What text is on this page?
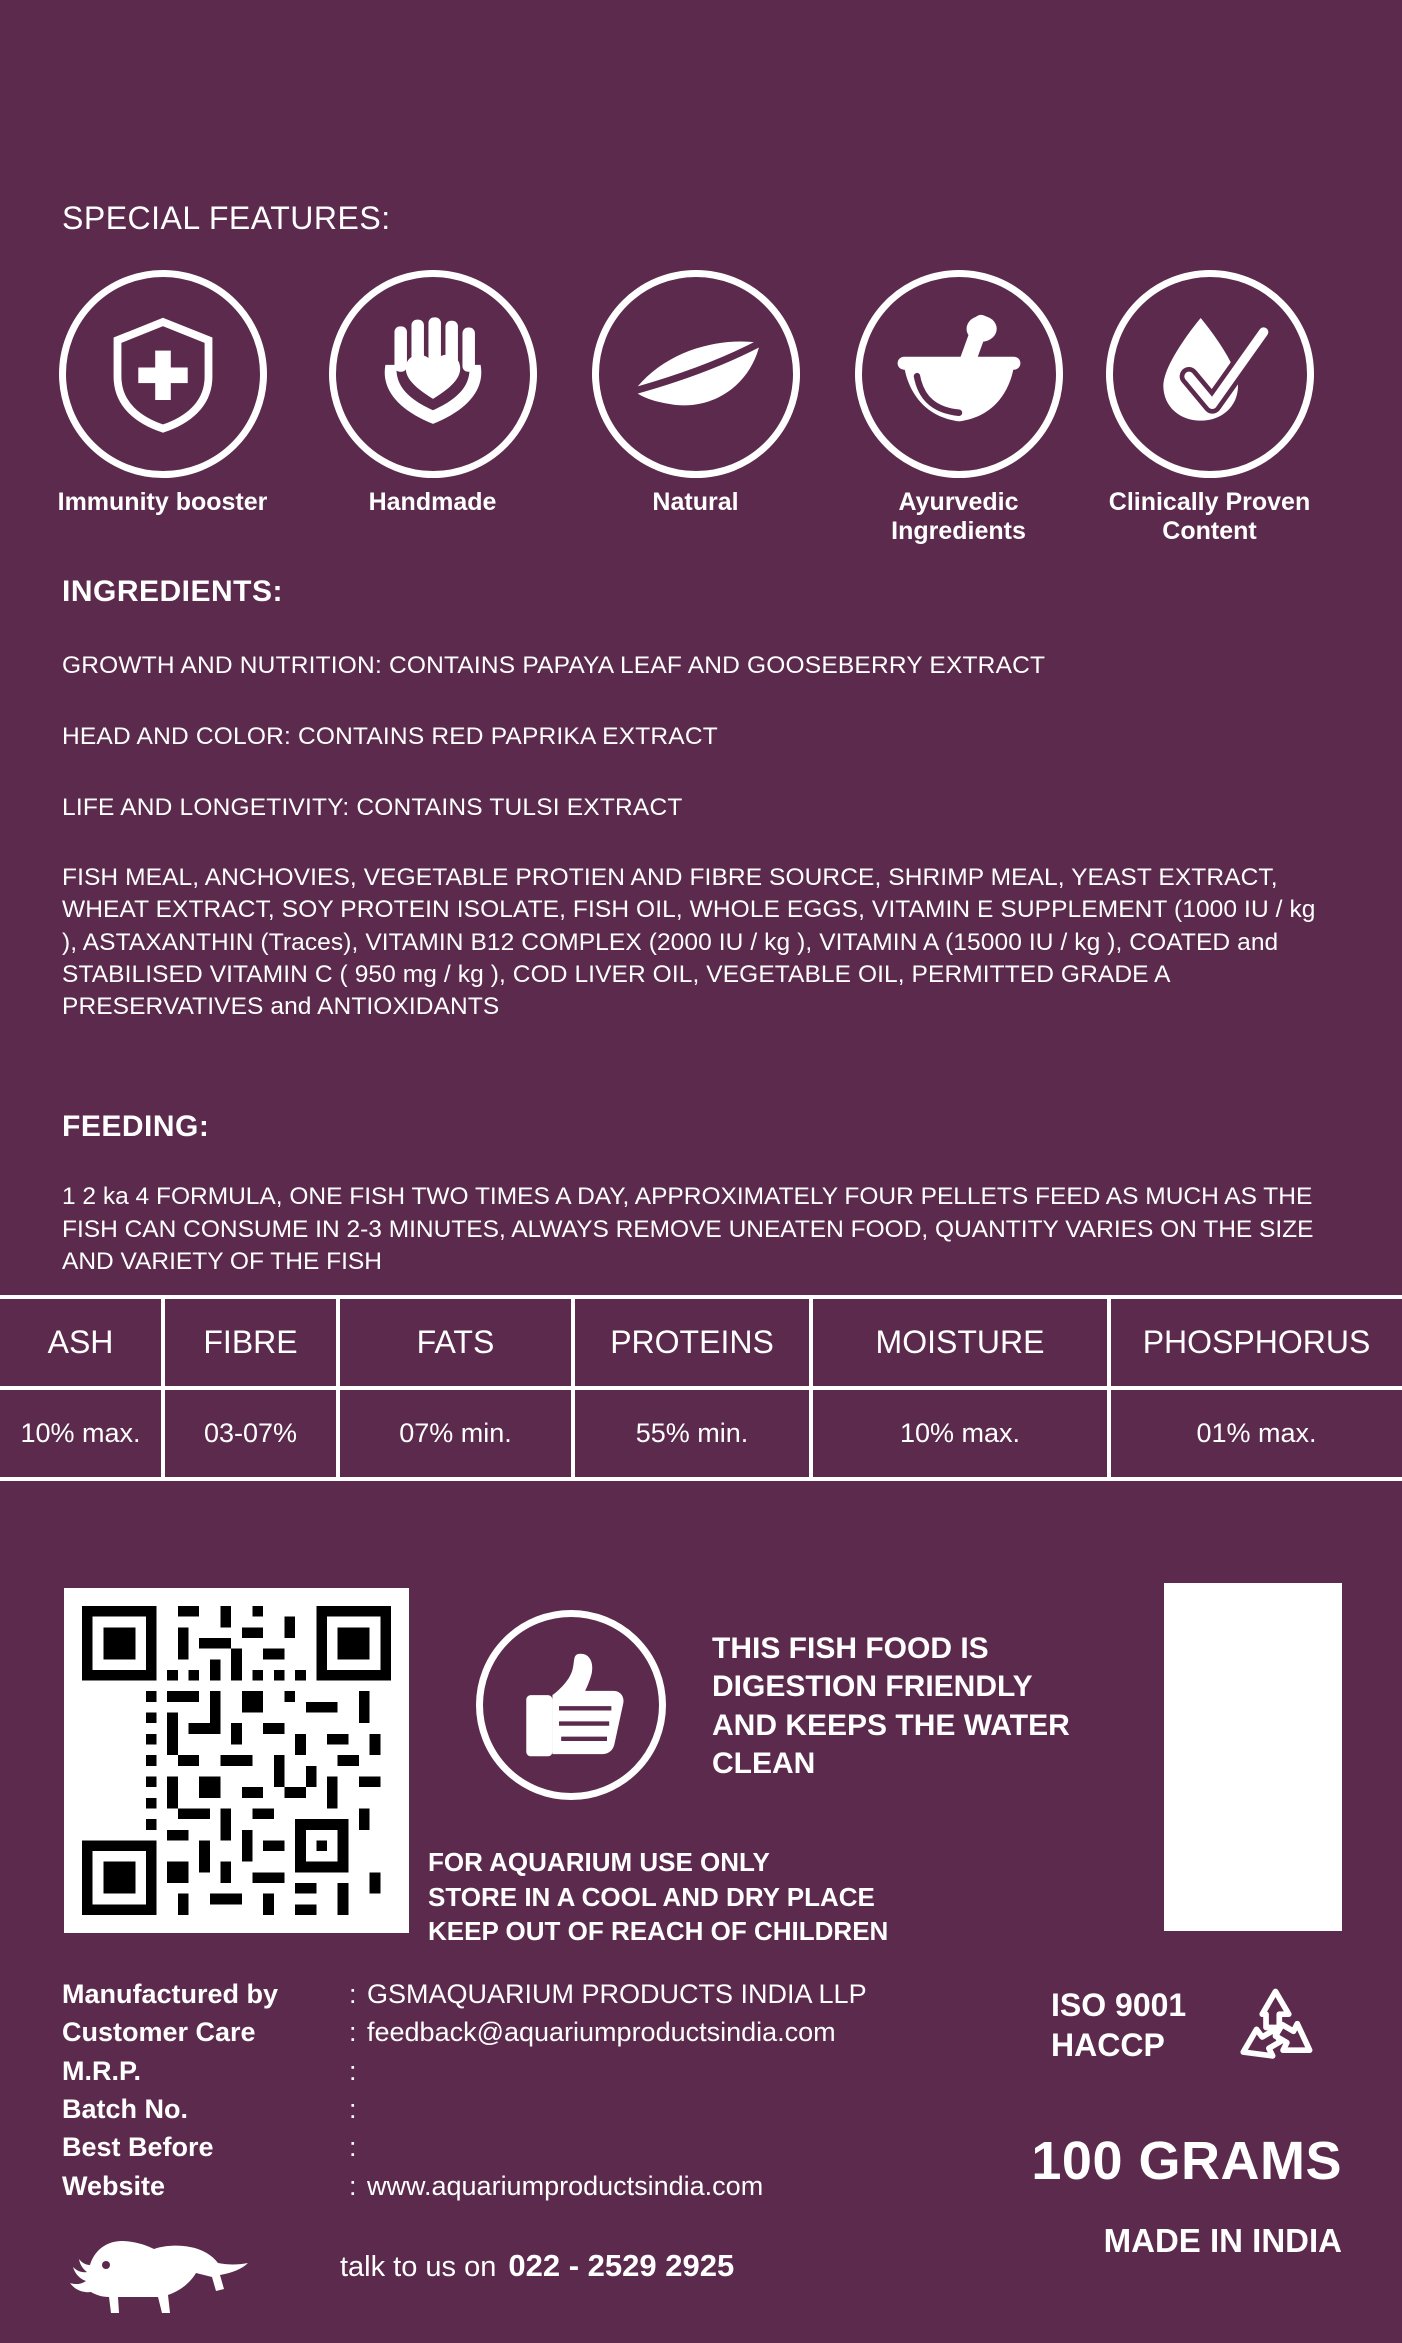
SPECIAL FEATURES:
Immunity booster	Handmade	Natural	Ayurvedic Ingredients
Clinically Proven Content
INGREDIENTS:
GROWTH AND NUTRITION: CONTAINS PAPAYA LEAF AND GOOSEBERRY EXTRACT
HEAD AND COLOR: CONTAINS RED PAPRIKA EXTRACT
LIFE AND LONGETIVITY: CONTAINS TULSI EXTRACT
FISH MEAL, ANCHOVIES, VEGETABLE PROTIEN AND FIBRE SOURCE, SHRIMP MEAL, YEAST EXTRACT, WHEAT EXTRACT, SOY PROTEIN ISOLATE, FISH OIL, WHOLE EGGS, VITAMIN E SUPPLEMENT (1000 IU / kg ), ASTAXANTHIN (Traces), VITAMIN B12 COMPLEX (2000 IU / kg ), VITAMIN A (15000 IU / kg ), COATED and STABILISED VITAMIN C ( 950 mg / kg ), COD LIVER OIL, VEGETABLE OIL, PERMITTED GRADE A PRESERVATIVES and ANTIOXIDANTS
FEEDING:
1 2 ka 4 FORMULA, ONE FISH TWO TIMES A DAY, APPROXIMATELY FOUR PELLETS FEED AS MUCH AS THE FISH CAN CONSUME IN 2-3 MINUTES, ALWAYS REMOVE UNEATEN FOOD, QUANTITY VARIES ON THE SIZE AND VARIETY OF THE FISH
ASH	FIBRE	FATS	PROTEINS	MOISTURE	PHOSPHORUS
10% max.	03-07%	07% min.	55% min.	10% max.	01% max.
THIS FISH FOOD IS
DIGESTION FRIENDLY
AND KEEPS THE WATER
CLEAN
FOR AQUARIUM USE ONLY
STORE IN A COOL AND DRY PLACE
KEEP OUT OF REACH OF CHILDREN
Manufactured by	: GSMAQUARIUM PRODUCTS INDIA LLP
Customer Care	: feedback@aquariumproductsindia.com
M.R.P.	:
Batch No.	:
Best Before	:
Website	: www.aquariumproductsindia.com
ISO 9001
HACCP
100 GRAMS
MADE IN INDIA
talk to us on 022 - 2529 2925
